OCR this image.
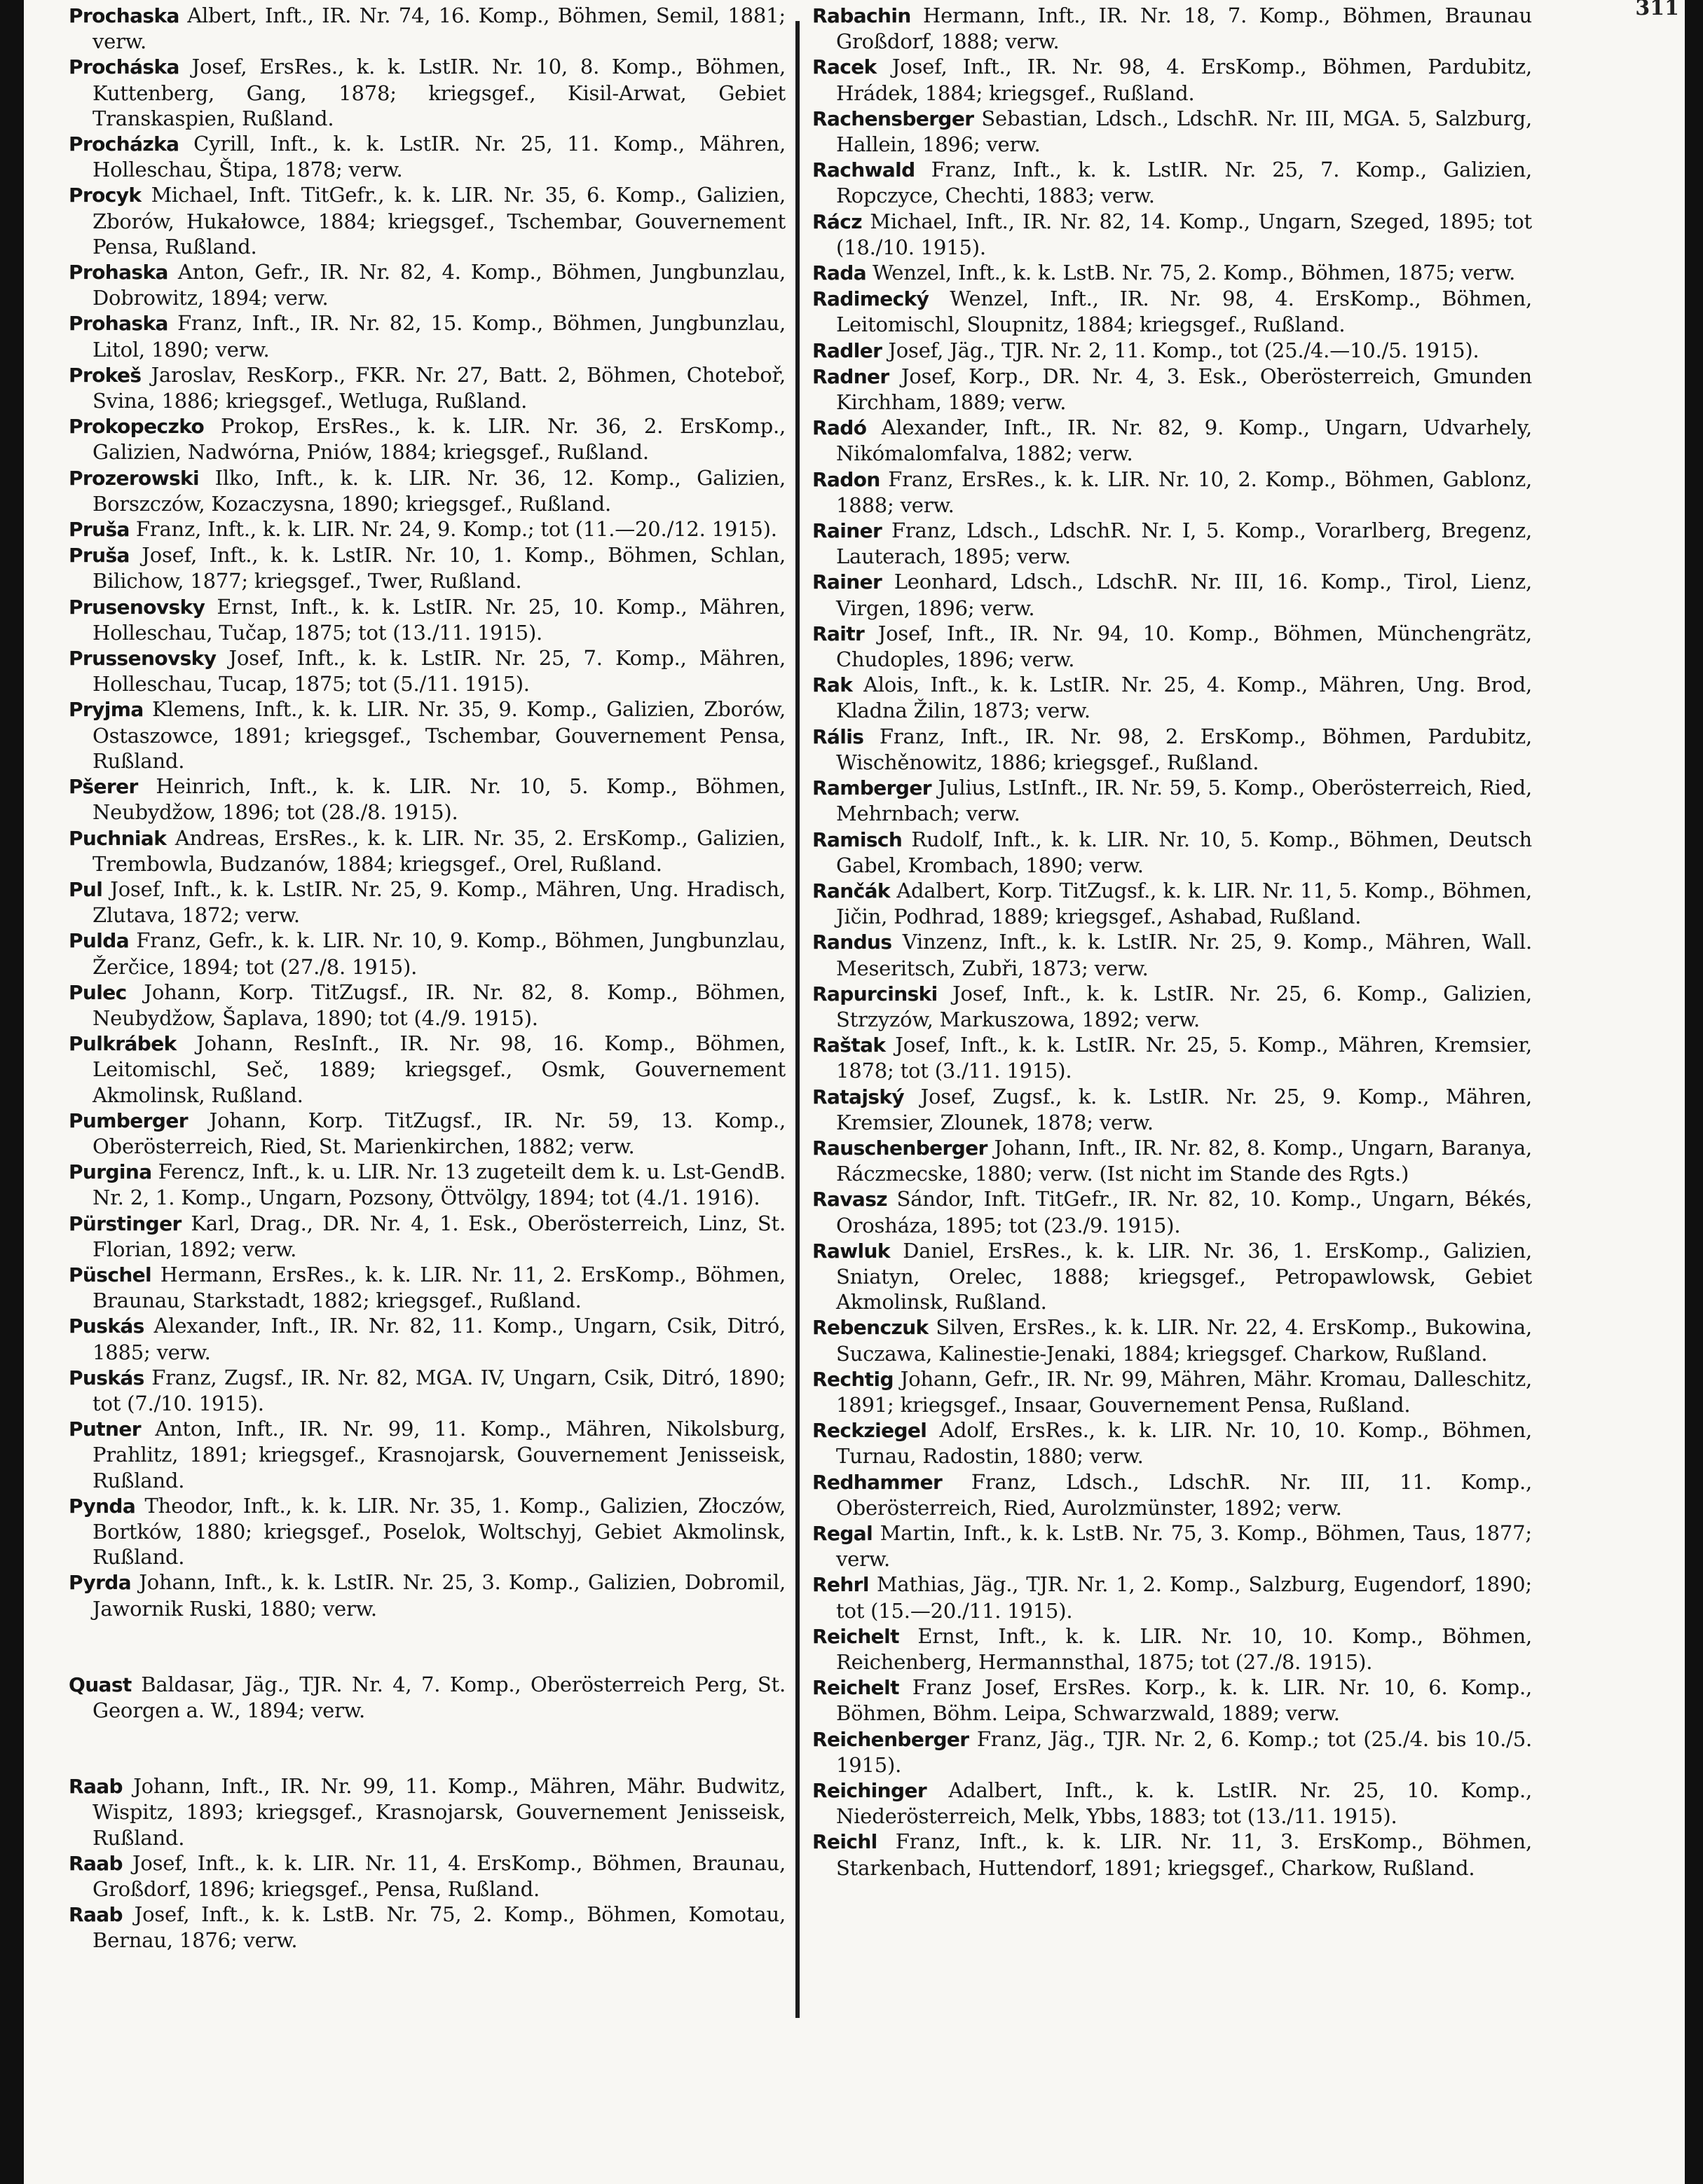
311

Prochaska Albert, Inft., IR. Nr. 74, 16. Komp., Böhmen, Semil, 1881; verw.

Procháska Josef, ErsRes., k. k. LstIR. Nr. 10, 8. Komp., Böhmen, Kuttenberg, Gang, 1878; kriegsgef., Kisil-Arwat, Gebiet Transkaspien, Rußland.

Procházka Cyrill, Inft., k. k. LstIR. Nr. 25, 11. Komp., Mähren, Holleschau, Štipa, 1878; verw.

Procyk Michael, Inft. TitGefr., k. k. LIR. Nr. 35, 6. Komp., Galizien, Zborów, Hukałowce, 1884; kriegsgef., Tschembar, Gouvernement Pensa, Rußland.

Prohaska Anton, Gefr., IR. Nr. 82, 4. Komp., Böhmen, Jungbunzlau, Dobrowitz, 1894; verw.

Prohaska Franz, Inft., IR. Nr. 82, 15. Komp., Böhmen, Jungbunzlau, Litol, 1890; verw.

Prokeš Jaroslav, ResKorp., FKR. Nr. 27, Batt. 2, Böhmen, Choteboř, Svina, 1886; kriegsgef., Wetluga, Rußland.

Prokopeczko Prokop, ErsRes., k. k. LIR. Nr. 36, 2. ErsKomp., Galizien, Nadwórna, Pniów, 1884; kriegsgef., Rußland.

Prozerowski Ilko, Inft., k. k. LIR. Nr. 36, 12. Komp., Galizien, Borszczów, Kozaczysna, 1890; kriegsgef., Rußland.

Pruša Franz, Inft., k. k. LIR. Nr. 24, 9. Komp.; tot (11.—20./12. 1915).

Pruša Josef, Inft., k. k. LstIR. Nr. 10, 1. Komp., Böhmen, Schlan, Bilichow, 1877; kriegsgef., Twer, Rußland.

Prusenovsky Ernst, Inft., k. k. LstIR. Nr. 25, 10. Komp., Mähren, Holleschau, Tučap, 1875; tot (13./11. 1915).

Prussenovsky Josef, Inft., k. k. LstIR. Nr. 25, 7. Komp., Mähren, Holleschau, Tucap, 1875; tot (5./11. 1915).

Pryjma Klemens, Inft., k. k. LIR. Nr. 35, 9. Komp., Galizien, Zborów, Ostaszowce, 1891; kriegsgef., Tschembar, Gouvernement Pensa, Rußland.

Pšerer Heinrich, Inft., k. k. LIR. Nr. 10, 5. Komp., Böhmen, Neubydžow, 1896; tot (28./8. 1915).

Puchniak Andreas, ErsRes., k. k. LIR. Nr. 35, 2. ErsKomp., Galizien, Trembowla, Budzanów, 1884; kriegsgef., Orel, Rußland.

Pul Josef, Inft., k. k. LstIR. Nr. 25, 9. Komp., Mähren, Ung. Hradisch, Zlutava, 1872; verw.

Pulda Franz, Gefr., k. k. LIR. Nr. 10, 9. Komp., Böhmen, Jungbunzlau, Žerčice, 1894; tot (27./8. 1915).

Pulec Johann, Korp. TitZugsf., IR. Nr. 82, 8. Komp., Böhmen, Neubydžow, Šaplava, 1890; tot (4./9. 1915).

Pulkrábek Johann, ResInft., IR. Nr. 98, 16. Komp., Böhmen, Leitomischl, Seč, 1889; kriegsgef., Osmk, Gouvernement Akmolinsk, Rußland.

Pumberger Johann, Korp. TitZugsf., IR. Nr. 59, 13. Komp., Oberösterreich, Ried, St. Marienkirchen, 1882; verw.

Purgina Ferencz, Inft., k. u. LIR. Nr. 13 zugeteilt dem k. u. Lst-GendB. Nr. 2, 1. Komp., Ungarn, Pozsony, Öttvölgy, 1894; tot (4./1. 1916).

Pürstinger Karl, Drag., DR. Nr. 4, 1. Esk., Oberösterreich, Linz, St. Florian, 1892; verw.

Püschel Hermann, ErsRes., k. k. LIR. Nr. 11, 2. ErsKomp., Böhmen, Braunau, Starkstadt, 1882; kriegsgef., Rußland.

Puskás Alexander, Inft., IR. Nr. 82, 11. Komp., Ungarn, Csik, Ditró, 1885; verw.

Puskás Franz, Zugsf., IR. Nr. 82, MGA. IV, Ungarn, Csik, Ditró, 1890; tot (7./10. 1915).

Putner Anton, Inft., IR. Nr. 99, 11. Komp., Mähren, Nikolsburg, Prahlitz, 1891; kriegsgef., Krasnojarsk, Gouvernement Jenisseisk, Rußland.

Pynda Theodor, Inft., k. k. LIR. Nr. 35, 1. Komp., Galizien, Złoczów, Bortków, 1880; kriegsgef., Poselok, Woltschyj, Gebiet Akmolinsk, Rußland.

Pyrda Johann, Inft., k. k. LstIR. Nr. 25, 3. Komp., Galizien, Dobromil, Jawornik Ruski, 1880; verw.

Quast Baldasar, Jäg., TJR. Nr. 4, 7. Komp., Oberösterreich Perg, St. Georgen a. W., 1894; verw.

Raab Johann, Inft., IR. Nr. 99, 11. Komp., Mähren, Mähr. Budwitz, Wispitz, 1893; kriegsgef., Krasnojarsk, Gouvernement Jenisseisk, Rußland.

Raab Josef, Inft., k. k. LIR. Nr. 11, 4. ErsKomp., Böhmen, Braunau, Großdorf, 1896; kriegsgef., Pensa, Rußland.

Raab Josef, Inft., k. k. LstB. Nr. 75, 2. Komp., Böhmen, Komotau, Bernau, 1876; verw.

Rabachin Hermann, Inft., IR. Nr. 18, 7. Komp., Böhmen, Braunau Großdorf, 1888; verw.

Racek Josef, Inft., IR. Nr. 98, 4. ErsKomp., Böhmen, Pardubitz, Hrádek, 1884; kriegsgef., Rußland.

Rachensberger Sebastian, Ldsch., LdschR. Nr. III, MGA. 5, Salzburg, Hallein, 1896; verw.

Rachwald Franz, Inft., k. k. LstIR. Nr. 25, 7. Komp., Galizien, Ropczyce, Chechti, 1883; verw.

Rácz Michael, Inft., IR. Nr. 82, 14. Komp., Ungarn, Szeged, 1895; tot (18./10. 1915).

Rada Wenzel, Inft., k. k. LstB. Nr. 75, 2. Komp., Böhmen, 1875; verw.

Radimecký Wenzel, Inft., IR. Nr. 98, 4. ErsKomp., Böhmen, Leitomischl, Sloupnitz, 1884; kriegsgef., Rußland.

Radler Josef, Jäg., TJR. Nr. 2, 11. Komp., tot (25./4.—10./5. 1915).

Radner Josef, Korp., DR. Nr. 4, 3. Esk., Oberösterreich, Gmunden Kirchham, 1889; verw.

Radó Alexander, Inft., IR. Nr. 82, 9. Komp., Ungarn, Udvarhely, Nikómalomfalva, 1882; verw.

Radon Franz, ErsRes., k. k. LIR. Nr. 10, 2. Komp., Böhmen, Gablonz, 1888; verw.

Rainer Franz, Ldsch., LdschR. Nr. I, 5. Komp., Vorarlberg, Bregenz, Lauterach, 1895; verw.

Rainer Leonhard, Ldsch., LdschR. Nr. III, 16. Komp., Tirol, Lienz, Virgen, 1896; verw.

Raitr Josef, Inft., IR. Nr. 94, 10. Komp., Böhmen, Münchengrätz, Chudoples, 1896; verw.

Rak Alois, Inft., k. k. LstIR. Nr. 25, 4. Komp., Mähren, Ung. Brod, Kladna Žilin, 1873; verw.

Rális Franz, Inft., IR. Nr. 98, 2. ErsKomp., Böhmen, Pardubitz, Wischěnowitz, 1886; kriegsgef., Rußland.

Ramberger Julius, LstInft., IR. Nr. 59, 5. Komp., Oberösterreich, Ried, Mehrnbach; verw.

Ramisch Rudolf, Inft., k. k. LIR. Nr. 10, 5. Komp., Böhmen, Deutsch Gabel, Krombach, 1890; verw.

Rančák Adalbert, Korp. TitZugsf., k. k. LIR. Nr. 11, 5. Komp., Böhmen, Jičin, Podhrad, 1889; kriegsgef., Ashabad, Rußland.

Randus Vinzenz, Inft., k. k. LstIR. Nr. 25, 9. Komp., Mähren, Wall. Meseritsch, Zubři, 1873; verw.

Rapurcinski Josef, Inft., k. k. LstIR. Nr. 25, 6. Komp., Galizien, Strzyzów, Markuszowa, 1892; verw.

Raštak Josef, Inft., k. k. LstIR. Nr. 25, 5. Komp., Mähren, Kremsier, 1878; tot (3./11. 1915).

Ratajský Josef, Zugsf., k. k. LstIR. Nr. 25, 9. Komp., Mähren, Kremsier, Zlounek, 1878; verw.

Rauschenberger Johann, Inft., IR. Nr. 82, 8. Komp., Ungarn, Baranya, Ráczmecske, 1880; verw. (Ist nicht im Stande des Rgts.)

Ravasz Sándor, Inft. TitGefr., IR. Nr. 82, 10. Komp., Ungarn, Békés, Orosháza, 1895; tot (23./9. 1915).

Rawluk Daniel, ErsRes., k. k. LIR. Nr. 36, 1. ErsKomp., Galizien, Sniatyn, Orelec, 1888; kriegsgef., Petropawlowsk, Gebiet Akmolinsk, Rußland.

Rebenczuk Silven, ErsRes., k. k. LIR. Nr. 22, 4. ErsKomp., Bukowina, Suczawa, Kalinestie-Jenaki, 1884; kriegsgef. Charkow, Rußland.

Rechtig Johann, Gefr., IR. Nr. 99, Mähren, Mähr. Kromau, Dalleschitz, 1891; kriegsgef., Insaar, Gouvernement Pensa, Rußland.

Reckziegel Adolf, ErsRes., k. k. LIR. Nr. 10, 10. Komp., Böhmen, Turnau, Radostin, 1880; verw.

Redhammer Franz, Ldsch., LdschR. Nr. III, 11. Komp., Oberösterreich, Ried, Aurolzmünster, 1892; verw.

Regal Martin, Inft., k. k. LstB. Nr. 75, 3. Komp., Böhmen, Taus, 1877; verw.

Rehrl Mathias, Jäg., TJR. Nr. 1, 2. Komp., Salzburg, Eugendorf, 1890; tot (15.—20./11. 1915).

Reichelt Ernst, Inft., k. k. LIR. Nr. 10, 10. Komp., Böhmen, Reichenberg, Hermannsthal, 1875; tot (27./8. 1915).

Reichelt Franz Josef, ErsRes. Korp., k. k. LIR. Nr. 10, 6. Komp., Böhmen, Böhm. Leipa, Schwarzwald, 1889; verw.

Reichenberger Franz, Jäg., TJR. Nr. 2, 6. Komp.; tot (25./4. bis 10./5. 1915).

Reichinger Adalbert, Inft., k. k. LstIR. Nr. 25, 10. Komp., Niederösterreich, Melk, Ybbs, 1883; tot (13./11. 1915).

Reichl Franz, Inft., k. k. LIR. Nr. 11, 3. ErsKomp., Böhmen, Starkenbach, Huttendorf, 1891; kriegsgef., Charkow, Rußland.
